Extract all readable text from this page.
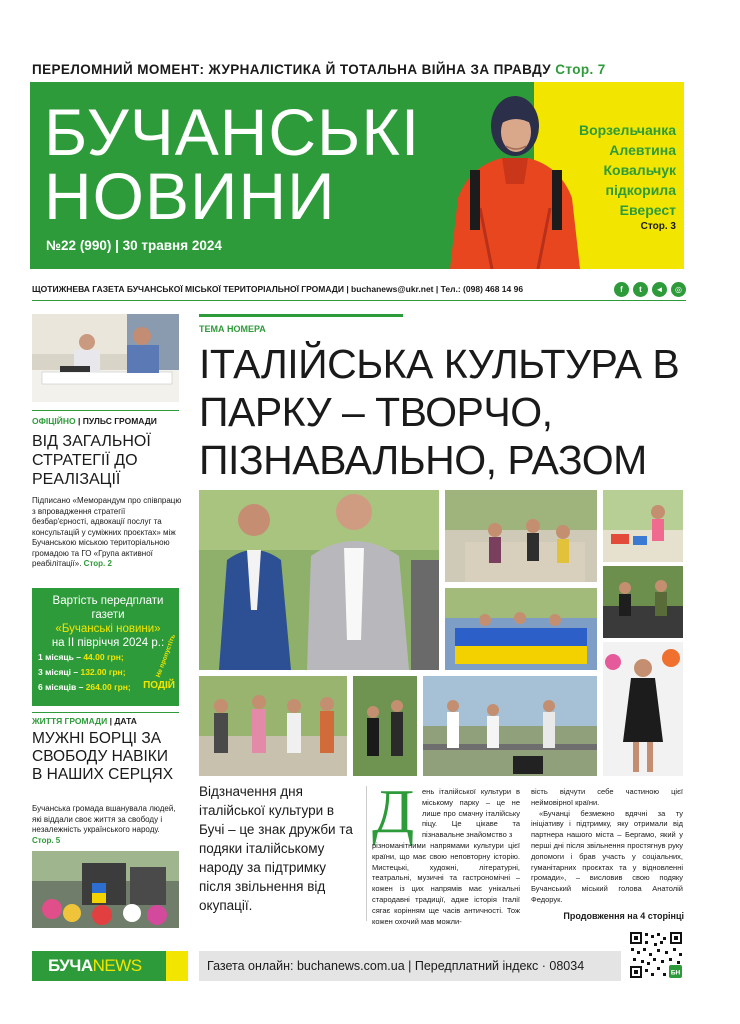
ПЕРЕЛОМНИЙ МОМЕНТ: ЖУРНАЛІСТИКА Й ТОТАЛЬНА ВІЙНА ЗА ПРАВДУ Стор. 7
БУЧАНСЬКІ
НОВИНИ
№22 (990) | 30 травня 2024
Ворзельчанка
Алевтина
Ковальчук
підкорила
Еверест
Стор. 3
ЩОТИЖНЕВА ГАЗЕТА БУЧАНСЬКОЇ МІСЬКОЇ ТЕРИТОРІАЛЬНОЇ ГРОМАДИ | buchanews@ukr.net | Тел.: (098) 468 14 96	f	t	◄	◎
ОФІЦІЙНО | ПУЛЬС ГРОМАДИ
ВІД ЗАГАЛЬНОЇ СТРАТЕГІЇ ДО РЕАЛІЗАЦІЇ
Підписано «Меморандум про співпрацю з впровадження стратегії безбар'єрності, адвокації послуг та консультацій у суміжних проєктах» між Бучанською міською територіальною громадою та ГО «Група активної реабілітації». Стор. 2
Вартість передплати газети
«Бучанські новини»
на ІІ півріччя 2024 р.:
1 місяць – 44.00 грн;
3 місяці – 132.00 грн;
6 місяців – 264.00 грн;
Не пропустіть
ПОДІЙ
ЖИТТЯ ГРОМАДИ | ДАТА
МУЖНІ БОРЦІ ЗА СВОБОДУ НАВІКИ В НАШИХ СЕРЦЯХ
Бучанська громада вшанувала людей, які віддали своє життя за свободу і незалежність українського народу. Стор. 5
ТЕМА НОМЕРА
ІТАЛІЙСЬКА КУЛЬТУРА В ПАРКУ – ТВОРЧО, ПІЗНАВАЛЬНО, РАЗОМ
Відзначення дня італійської культури в Бучі – це знак дружби та подяки італійському народу за підтримку після звільнення від окупації.
Д	ень італійської культури в міському парку – це не лише про смачну італійську піцу. Це цікаве та пізнавальне знайомство з
різноманітними напрямами культури цієї країни, що має свою неповторну історію. Мистецькі, художні, літературні, театральні, музичні та гастрономічні – кожен із цих напрямів має унікальні стародавні традиції, адже історія Італії сягає корінням ще часів античності. Тож кожен охочий мав можли-
вість відчути себе частиною цієї неймовірної країни.
«Бучанці безмежно вдячні за ту ініціативу і підтримку, яку отримали від партнера нашого міста – Бергамо, який у перші дні після звільнення простягнув руку допомоги і брав участь у соціальних, гуманітарних проєктах та у відновленні громади», – висловив свою подяку Бучанський міський голова Анатолій Федорук.
Продовження на 4 сторінці
БУЧАNEWS	Газета онлайн: buchanews.com.ua | Передплатний індекс · 08034	БН
